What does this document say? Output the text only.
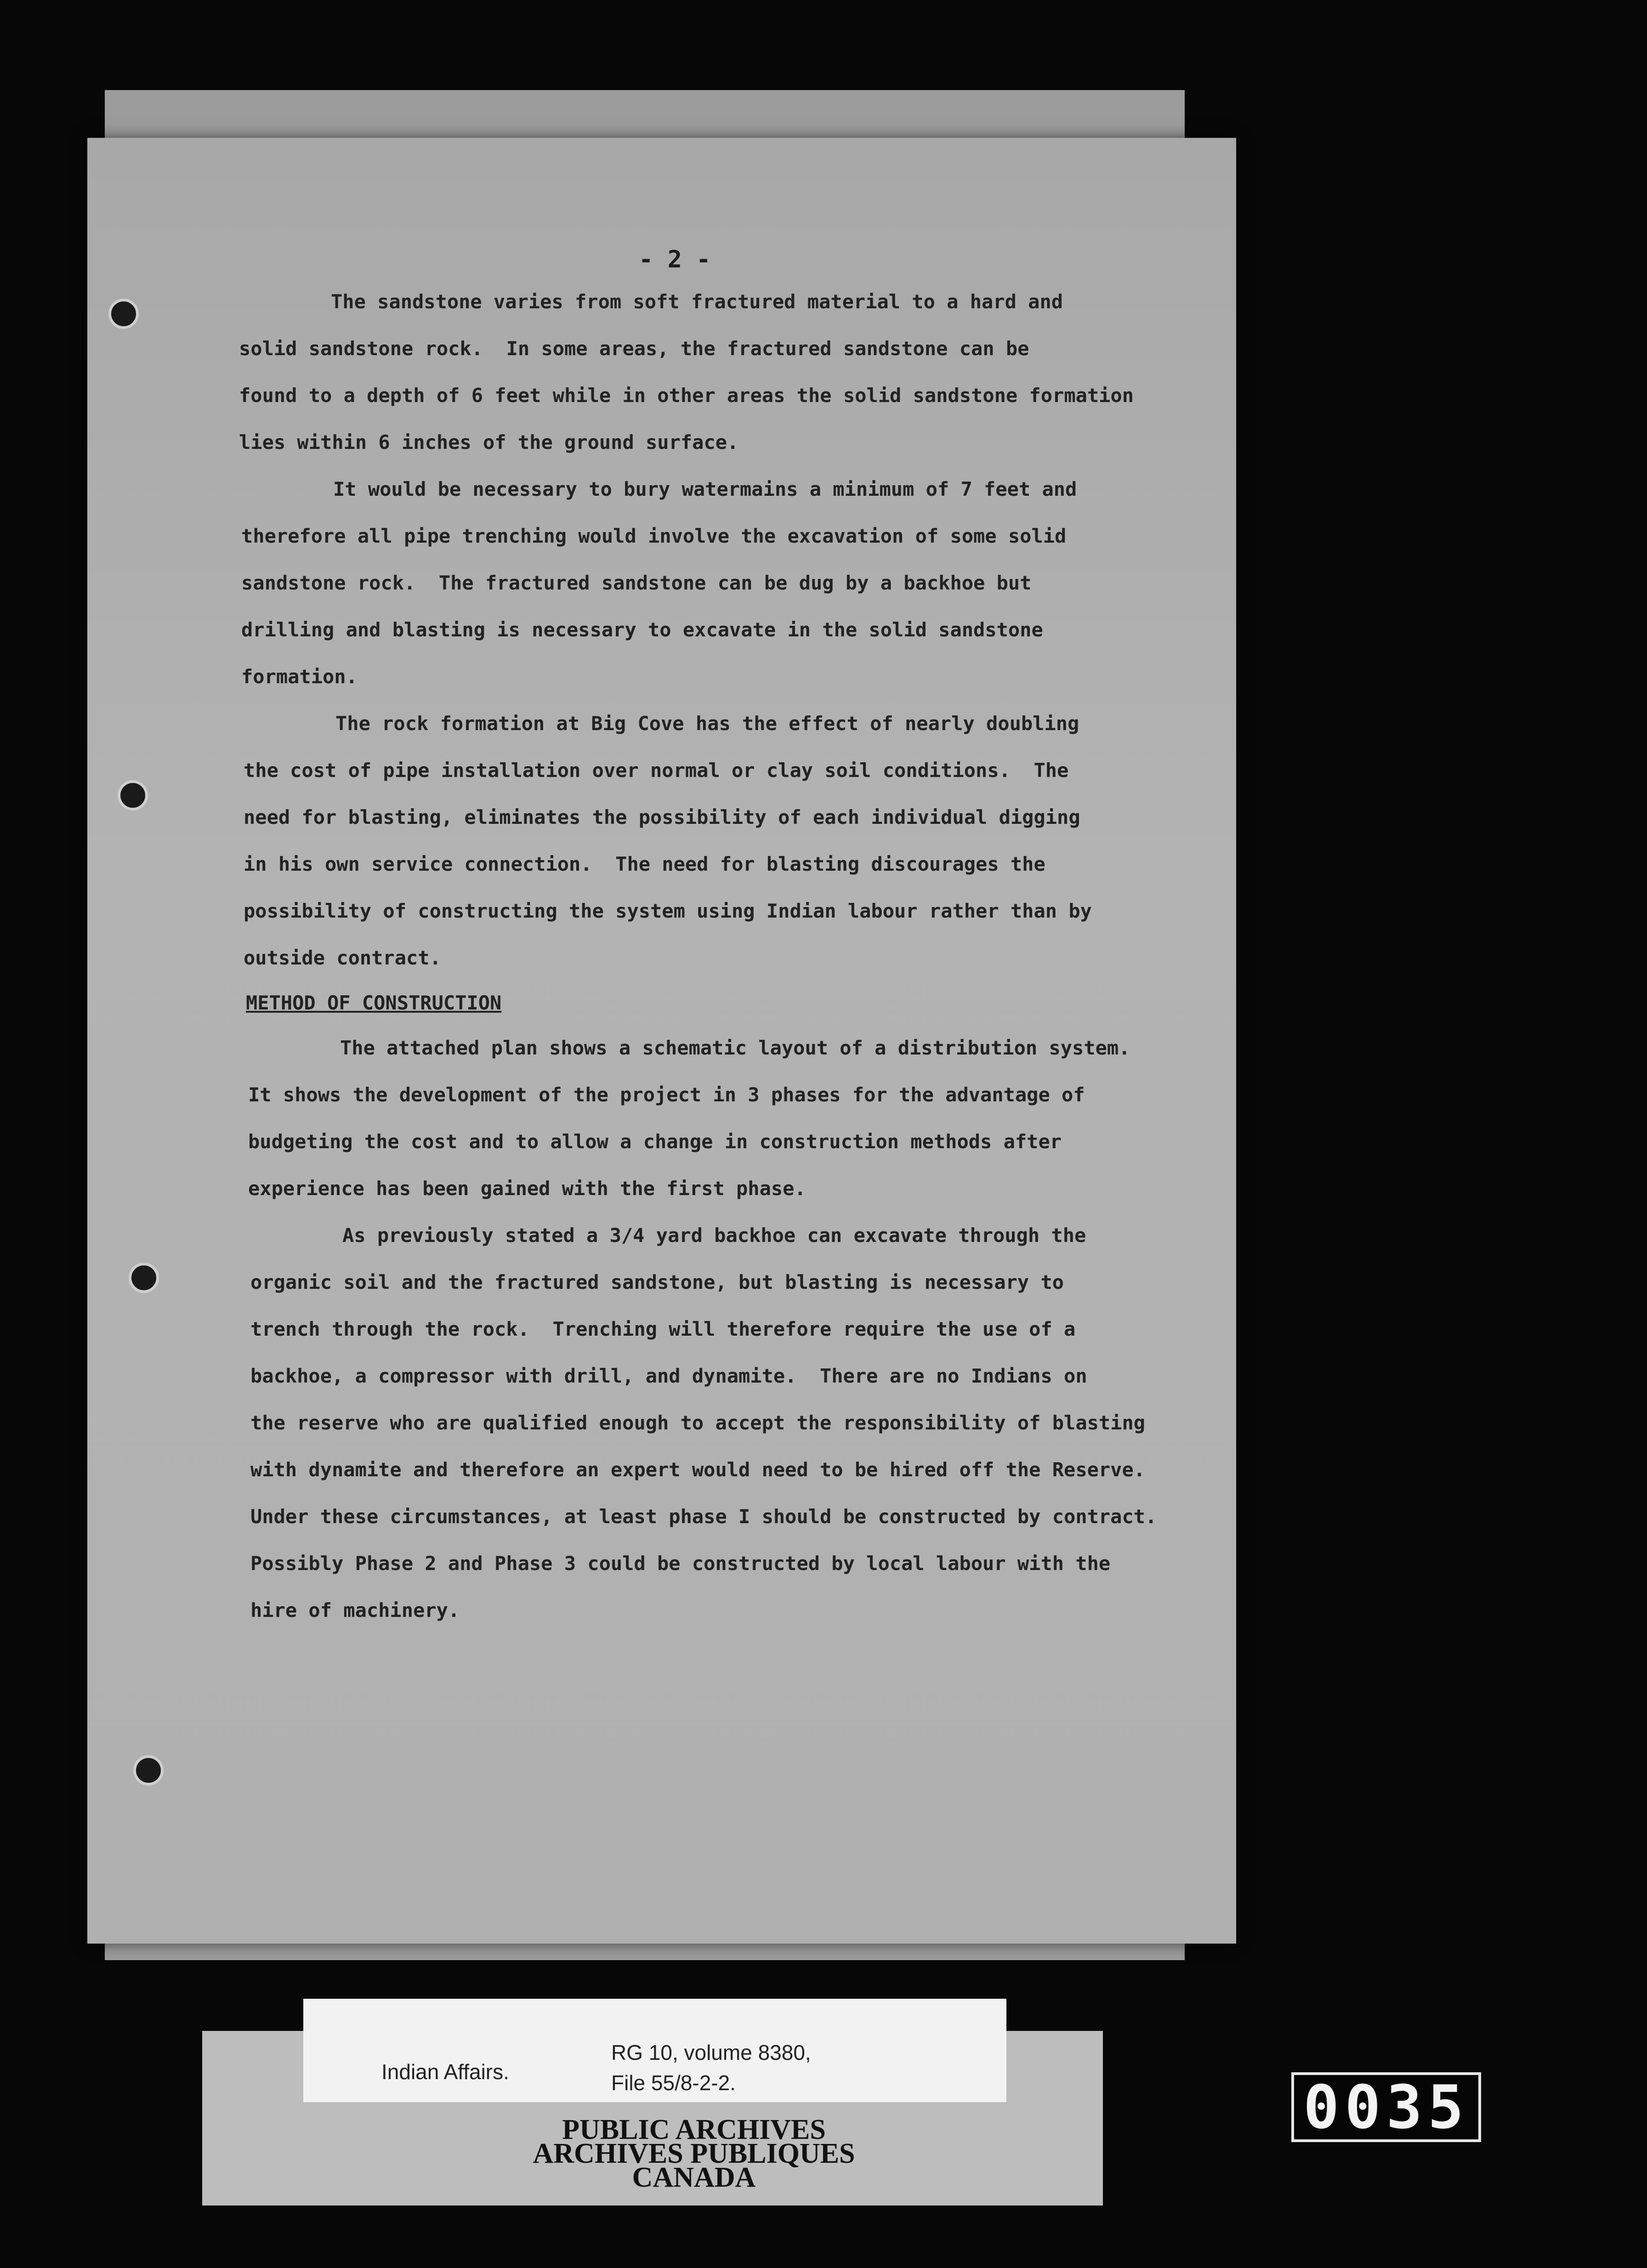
- 2 -
The sandstone varies from soft fractured material to a hard and
solid sandstone rock.  In some areas, the fractured sandstone can be
found to a depth of 6 feet while in other areas the solid sandstone formation
lies within 6 inches of the ground surface.
It would be necessary to bury watermains a minimum of 7 feet and
therefore all pipe trenching would involve the excavation of some solid
sandstone rock.  The fractured sandstone can be dug by a backhoe but
drilling and blasting is necessary to excavate in the solid sandstone
formation.
The rock formation at Big Cove has the effect of nearly doubling
the cost of pipe installation over normal or clay soil conditions.  The
need for blasting, eliminates the possibility of each individual digging
in his own service connection.  The need for blasting discourages the
possibility of constructing the system using Indian labour rather than by
outside contract.
METHOD OF CONSTRUCTION
The attached plan shows a schematic layout of a distribution system.
It shows the development of the project in 3 phases for the advantage of
budgeting the cost and to allow a change in construction methods after
experience has been gained with the first phase.
As previously stated a 3/4 yard backhoe can excavate through the
organic soil and the fractured sandstone, but blasting is necessary to
trench through the rock.  Trenching will therefore require the use of a
backhoe, a compressor with drill, and dynamite.  There are no Indians on
the reserve who are qualified enough to accept the responsibility of blasting
with dynamite and therefore an expert would need to be hired off the Reserve.
Under these circumstances, at least phase I should be constructed by contract.
Possibly Phase 2 and Phase 3 could be constructed by local labour with the
hire of machinery.
Indian Affairs.
RG 10, volume 8380,
File 55/8-2-2.
PUBLIC ARCHIVES
ARCHIVES PUBLIQUES
CANADA
0035
